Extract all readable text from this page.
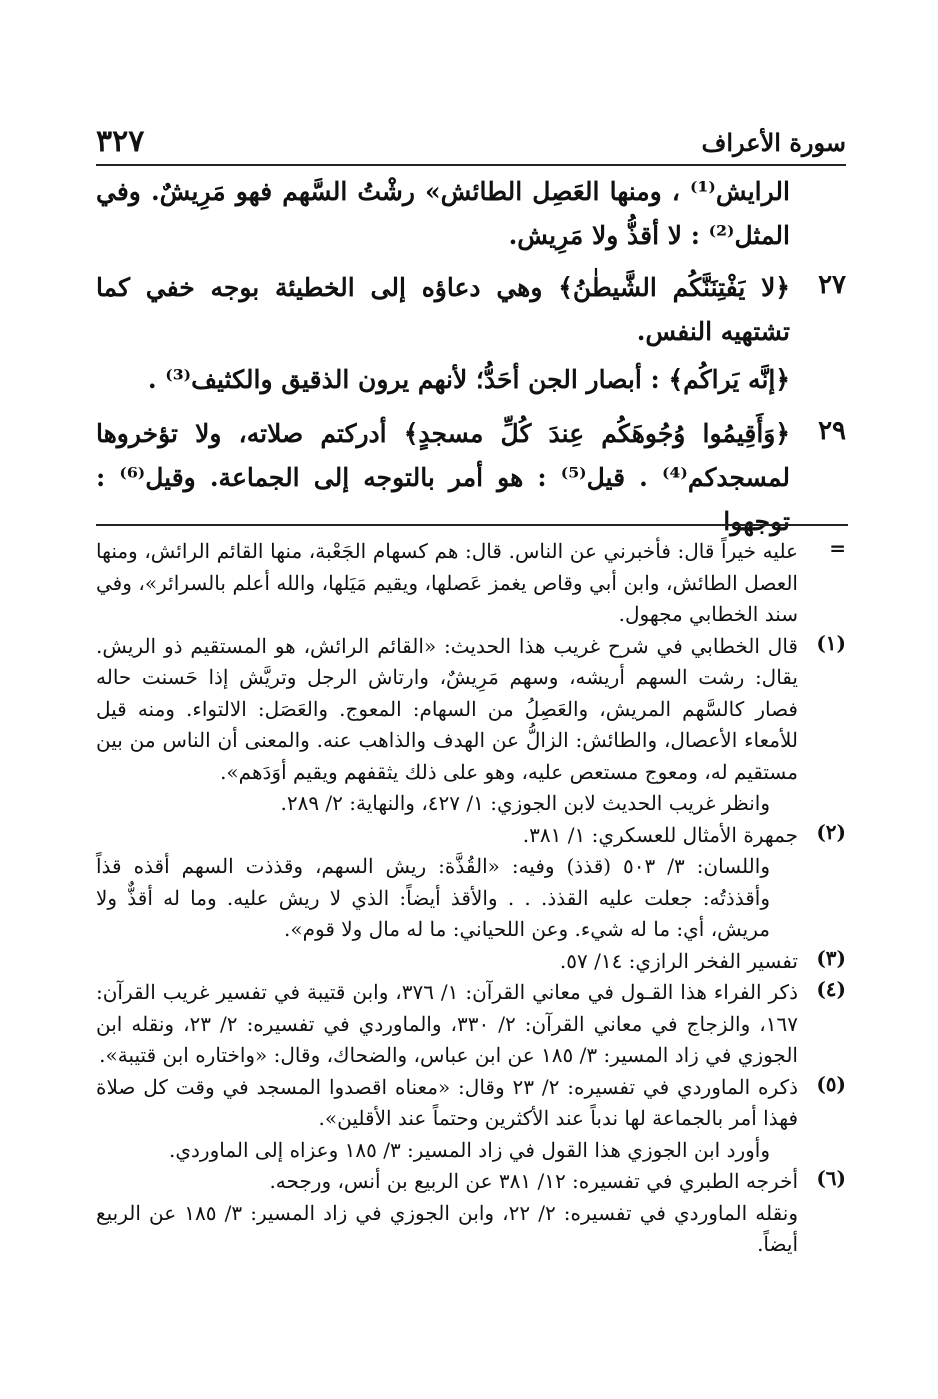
٣٢٧	سورة الأعراف
الرايش⁽¹⁾ ، ومنها العَصِل الطائش» رشْتُ السَّهم فهو مَرِيشٌ. وفي المثل⁽²⁾ : لا أقذُّ ولا مَرِيش.
٢٧
﴿لا يَفْتِنَنَّكُم الشَّيطٰنُ﴾ وهي دعاؤه إلى الخطيئة بوجه خفي كما تشتهيه النفس.
﴿إنَّه يَراكُم﴾ : أبصار الجن أحَدُّ؛ لأنهم يرون الذقيق والكثيف⁽³⁾ .
٢٩
﴿وَأَقِيمُوا وُجُوهَكُم عِندَ كُلِّ مسجدٍ﴾ أدركتم صلاته، ولا تؤخروها لمسجدكم⁽⁴⁾ . قيل⁽⁵⁾ : هو أمر بالتوجه إلى الجماعة. وقيل⁽⁶⁾ : توجهوا
=
عليه خيراً قال: فأخبرني عن الناس. قال: هم كسهام الجَعْبة، منها القائم الرائش، ومنها العصل الطائش، وابن أبي وقاص يغمز عَصلها، ويقيم مَيَلها، والله أعلم بالسرائر»، وفي سند الخطابي مجهول.
(١)
قال الخطابي في شرح غريب هذا الحديث: «القائم الرائش، هو المستقيم ذو الريش. يقال: رشت السهم أريشه، وسهم مَرِيشٌ، وارتاش الرجل وتريَّش إذا حَسنت حاله فصار كالسَّهم المريش، والعَصِلُ من السهام: المعوج. والعَصَل: الالتواء. ومنه قيل للأمعاء الأعصال، والطائش: الزالُّ عن الهدف والذاهب عنه. والمعنى أن الناس من بين مستقيم له، ومعوج مستعص عليه، وهو على ذلك يثقفهم ويقيم أوَدَهم».
وانظر غريب الحديث لابن الجوزي: ١/ ٤٢٧، والنهاية: ٢/ ٢٨٩.
(٢)
جمهرة الأمثال للعسكري: ١/ ٣٨١.
واللسان: ٣/ ٥٠٣ (قذذ) وفيه: «القُذَّة: ريش السهم، وقذذت السهم أقذه قذاً وأقذذتُه: جعلت عليه القذذ. . . والأقذ أيضاً: الذي لا ريش عليه. وما له أقذٌّ ولا مريش، أي: ما له شيء. وعن اللحياني: ما له مال ولا قوم».
(٣)
تفسير الفخر الرازي: ١٤/ ٥٧.
(٤)
ذكر الفراء هذا القـول في معاني القرآن: ١/ ٣٧٦، وابن قتيبة في تفسير غريب القرآن: ١٦٧، والزجاج في معاني القرآن: ٢/ ٣٣٠، والماوردي في تفسيره: ٢/ ٢٣، ونقله ابن الجوزي في زاد المسير: ٣/ ١٨٥ عن ابن عباس، والضحاك، وقال: «واختاره ابن قتيبة».
(٥)
ذكره الماوردي في تفسيره: ٢/ ٢٣ وقال: «معناه اقصدوا المسجد في وقت كل صلاة فهذا أمر بالجماعة لها ندباً عند الأكثرين وحتماً عند الأقلين».
وأورد ابن الجوزي هذا القول في زاد المسير: ٣/ ١٨٥ وعزاه إلى الماوردي.
(٦)
أخرجه الطبري في تفسيره: ١٢/ ٣٨١ عن الربيع بن أنس، ورجحه.
ونقله الماوردي في تفسيره: ٢/ ٢٢، وابن الجوزي في زاد المسير: ٣/ ١٨٥ عن الربيع أيضاً.
